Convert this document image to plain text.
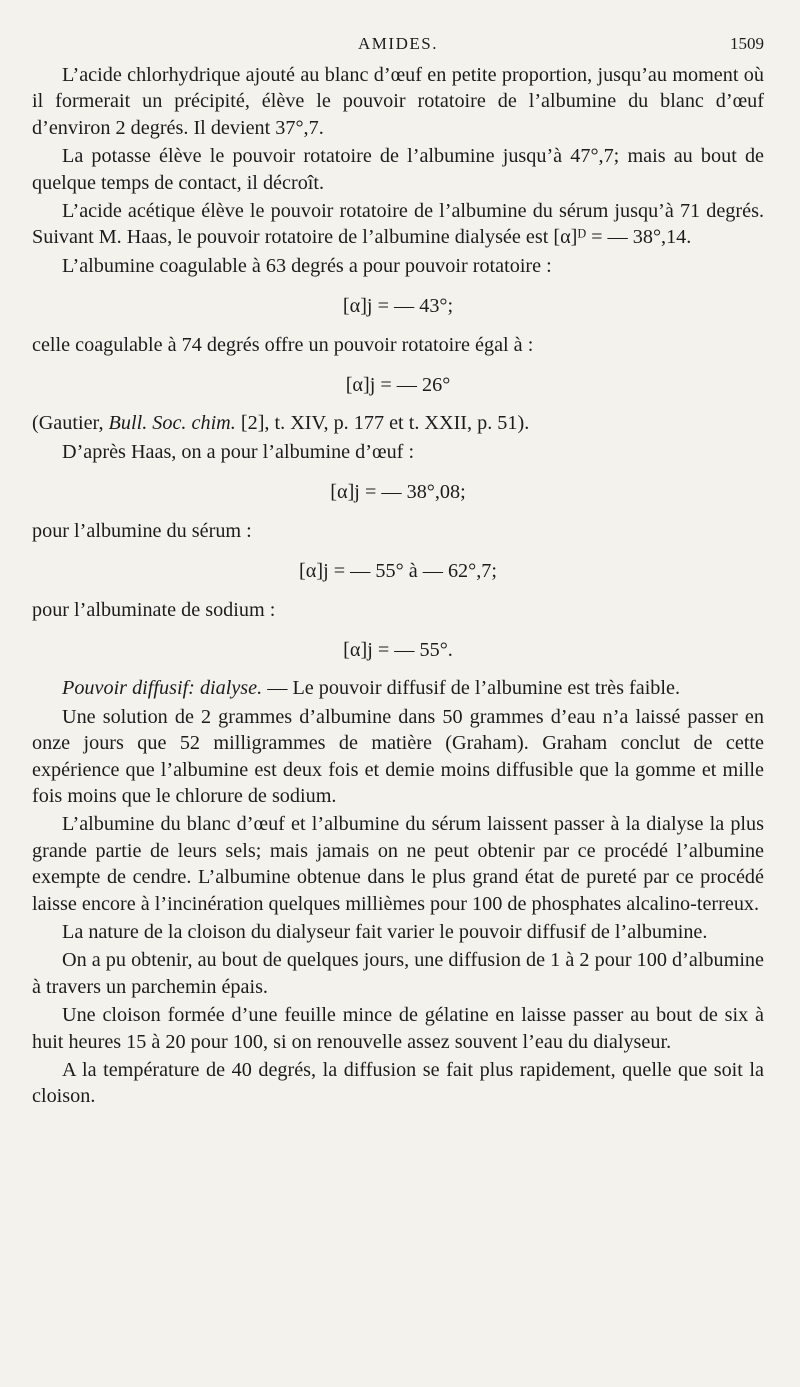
AMIDES.	1509

L’acide chlorhydrique ajouté au blanc d’œuf en petite proportion, jusqu’au moment où il formerait un précipité, élève le pouvoir rotatoire de l’albumine du blanc d’œuf d’environ 2 degrés. Il devient 37°,7.

La potasse élève le pouvoir rotatoire de l’albumine jusqu’à 47°,7; mais au bout de quelque temps de contact, il décroît.

L’acide acétique élève le pouvoir rotatoire de l’albumine du sérum jusqu’à 71 degrés. Suivant M. Haas, le pouvoir rotatoire de l’albumine dialysée est [α]ᴰ = — 38°,14.

L’albumine coagulable à 63 degrés a pour pouvoir rotatoire :

[α]j = — 43°;

celle coagulable à 74 degrés offre un pouvoir rotatoire égal à :

[α]j = — 26°

(Gautier, Bull. Soc. chim. [2], t. XIV, p. 177 et t. XXII, p. 51).

D’après Haas, on a pour l’albumine d’œuf :

[α]j = — 38°,08;

pour l’albumine du sérum :

[α]j = — 55° à — 62°,7;

pour l’albuminate de sodium :

[α]j = — 55°.

Pouvoir diffusif: dialyse. — Le pouvoir diffusif de l’albumine est très faible.

Une solution de 2 grammes d’albumine dans 50 grammes d’eau n’a laissé passer en onze jours que 52 milligrammes de matière (Graham). Graham conclut de cette expérience que l’albumine est deux fois et demie moins diffusible que la gomme et mille fois moins que le chlorure de sodium.

L’albumine du blanc d’œuf et l’albumine du sérum laissent passer à la dialyse la plus grande partie de leurs sels; mais jamais on ne peut obtenir par ce procédé l’albumine exempte de cendre. L’albumine obtenue dans le plus grand état de pureté par ce procédé laisse encore à l’incinération quelques millièmes pour 100 de phosphates alcalino-terreux.

La nature de la cloison du dialyseur fait varier le pouvoir diffusif de l’albumine.

On a pu obtenir, au bout de quelques jours, une diffusion de 1 à 2 pour 100 d’albumine à travers un parchemin épais.

Une cloison formée d’une feuille mince de gélatine en laisse passer au bout de six à huit heures 15 à 20 pour 100, si on renouvelle assez souvent l’eau du dialyseur.

A la température de 40 degrés, la diffusion se fait plus rapidement, quelle que soit la cloison.
